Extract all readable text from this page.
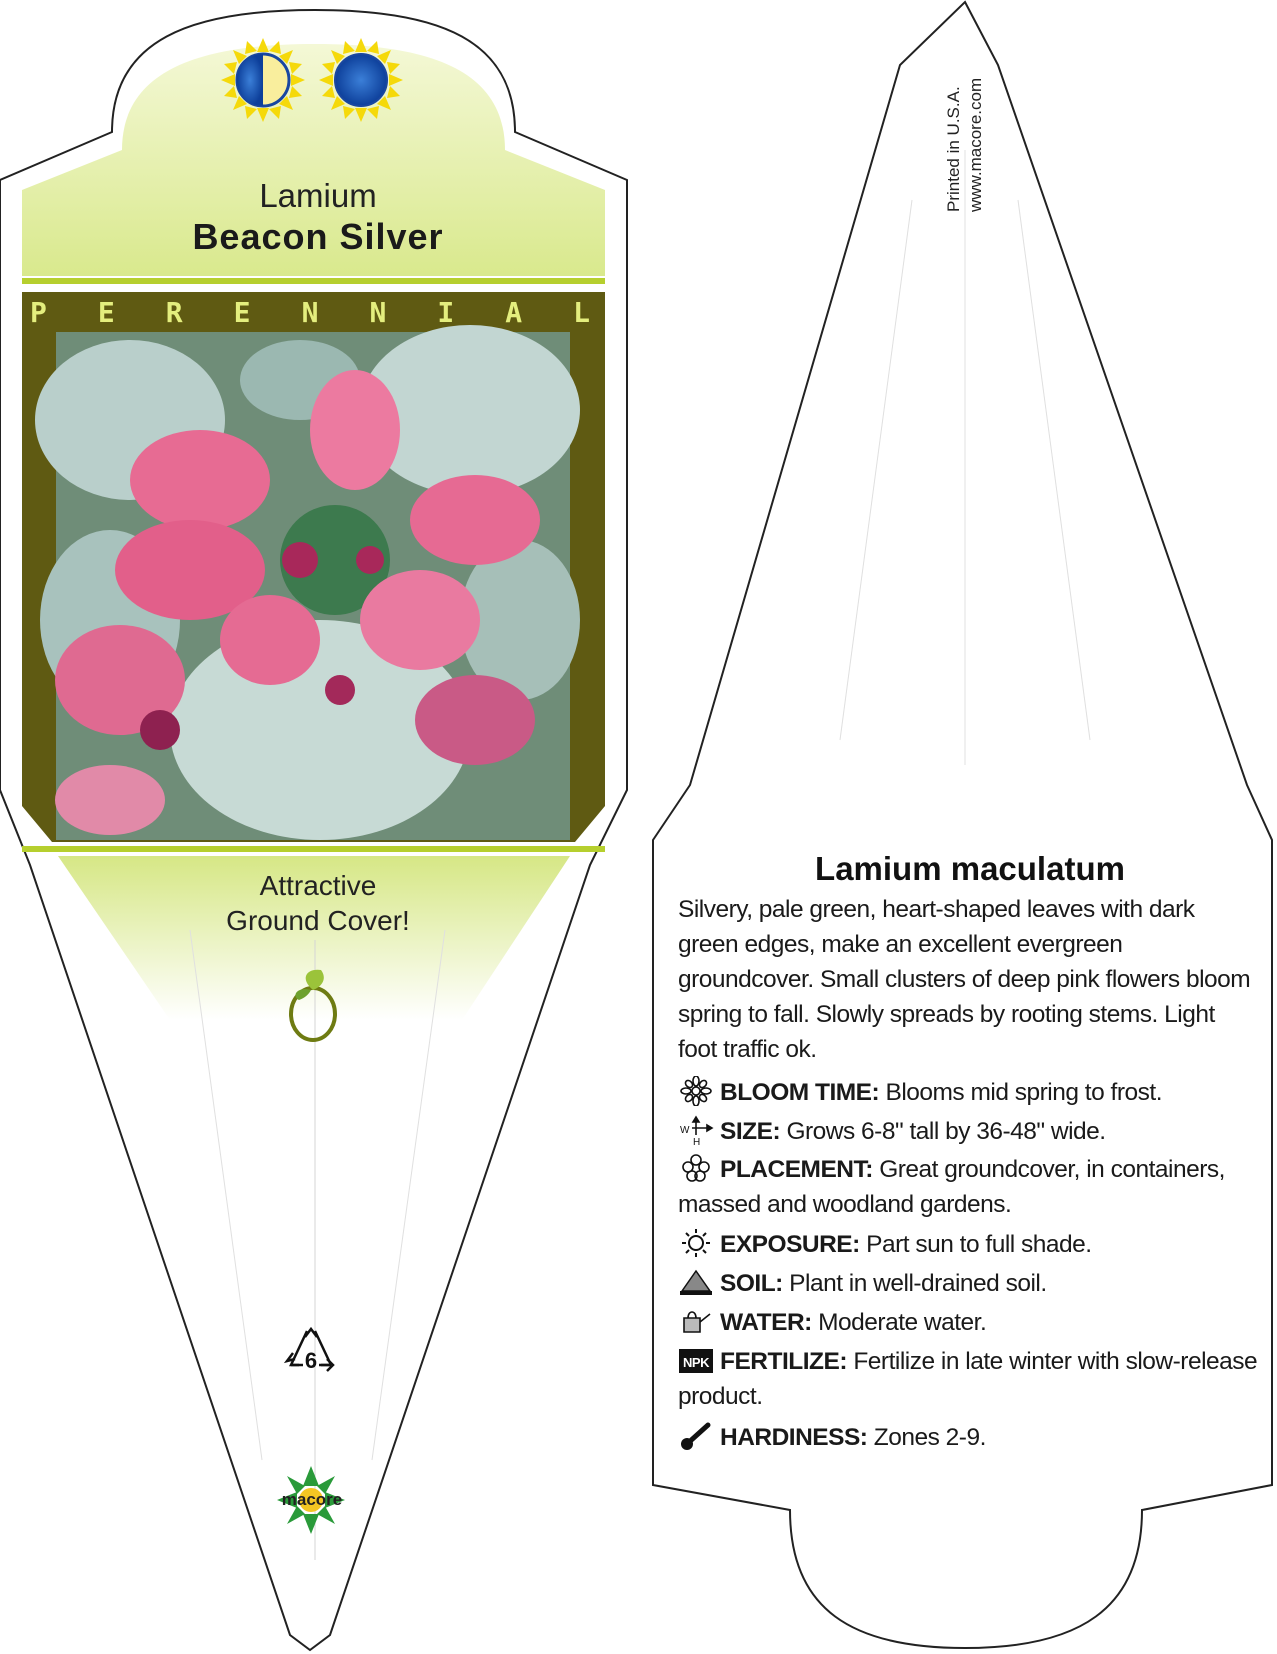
Lamium
Beacon Silver
P E R E N N I A L
Attractive
Ground Cover!
6
macore
Printed in U.S.A. www.macore.com
Lamium maculatum
Silvery, pale green, heart-shaped leaves with dark green edges, make an excellent evergreen groundcover. Small clusters of deep pink flowers bloom spring to fall. Slowly spreads by rooting stems. Light foot traffic ok.
BLOOM TIME: Blooms mid spring to frost.
W
H SIZE: Grows 6-8" tall by 36-48" wide.
PLACEMENT: Great groundcover, in containers, massed and woodland gardens.
EXPOSURE: Part sun to full shade.
SOIL: Plant in well-drained soil.
WATER: Moderate water.
NPK FERTILIZE: Fertilize in late winter with slow-release product.
HARDINESS: Zones 2-9.
